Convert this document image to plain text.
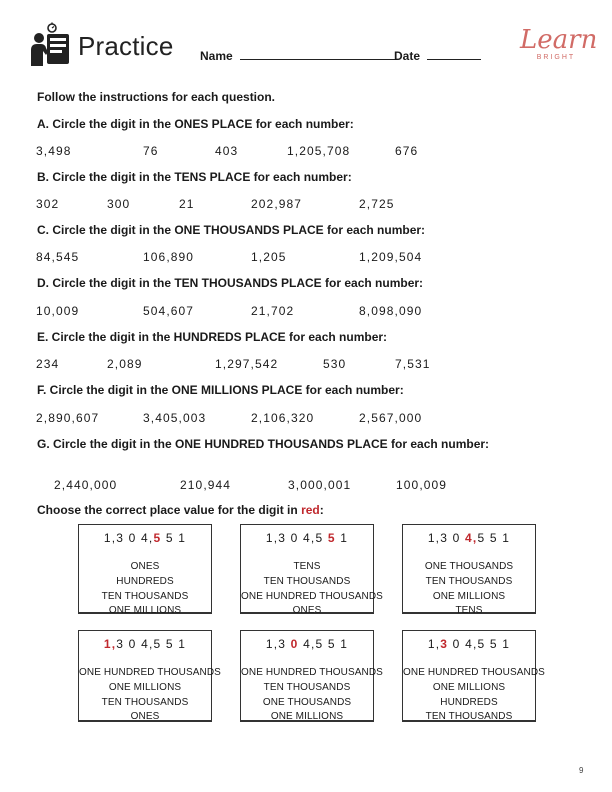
Practice Name	Date
Learn
BRIGHT
Follow the instructions for each question.
A. Circle the digit in the ONES PLACE for each number:
3,498	76	403	1,205,708	676
B. Circle the digit in the TENS PLACE for each number:
302	300	21	202,987	2,725
C. Circle the digit in the ONE THOUSANDS PLACE for each number:
84,545	106,890	1,205	1,209,504
D. Circle the digit in the TEN THOUSANDS PLACE for each number:
10,009	504,607	21,702	8,098,090
E. Circle the digit in the HUNDREDS PLACE for each number:
234	2,089	1,297,542	530	7,531
F. Circle the digit in the ONE MILLIONS PLACE for each number:
2,890,607	3,405,003	2,106,320	2,567,000
G. Circle the digit in the ONE HUNDRED THOUSANDS PLACE for each number:
2,440,000	210,944	3,000,001	100,009
Choose the correct place value for the digit in red:
1,3 0 4,5 5 1
ONES
HUNDREDS
TEN THOUSANDS
ONE MILLIONS
1,3 0 4,5 5 1
TENS
TEN THOUSANDS
ONE HUNDRED THOUSANDS
ONES
1,3 0 4,5 5 1
ONE THOUSANDS
TEN THOUSANDS
ONE MILLIONS
TENS
1,3 0 4,5 5 1
ONE HUNDRED THOUSANDS
ONE MILLIONS
TEN THOUSANDS
ONES
1,3 0 4,5 5 1
ONE HUNDRED THOUSANDS
TEN THOUSANDS
ONE THOUSANDS
ONE MILLIONS
1,3 0 4,5 5 1
ONE HUNDRED THOUSANDS
ONE MILLIONS
HUNDREDS
TEN THOUSANDS
9
